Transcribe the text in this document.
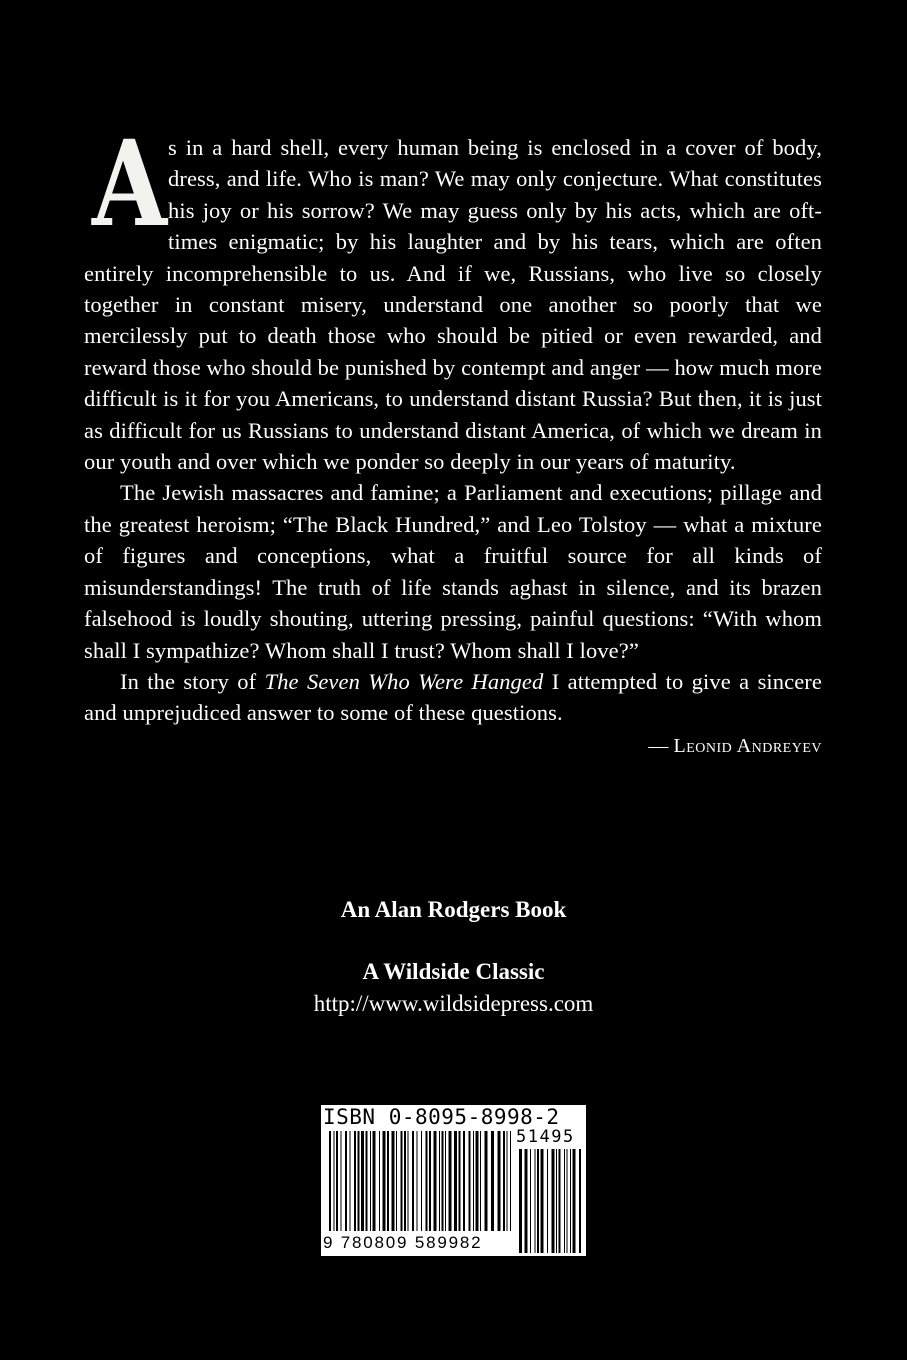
As in a hard shell, every human being is enclosed in a cover of body, dress, and life. Who is man? We may only conjecture. What constitutes his joy or his sorrow? We may guess only by his acts, which are oft-times enigmatic; by his laughter and by his tears, which are often entirely incomprehensible to us. And if we, Russians, who live so closely together in constant misery, understand one another so poorly that we mercilessly put to death those who should be pitied or even rewarded, and reward those who should be punished by contempt and anger — how much more difficult is it for you Americans, to understand distant Russia? But then, it is just as difficult for us Russians to understand distant America, of which we dream in our youth and over which we ponder so deeply in our years of maturity.

The Jewish massacres and famine; a Parliament and executions; pillage and the greatest heroism; “The Black Hundred,” and Leo Tolstoy — what a mixture of figures and conceptions, what a fruitful source for all kinds of misunderstandings! The truth of life stands aghast in silence, and its brazen falsehood is loudly shouting, uttering pressing, painful questions: “With whom shall I sympathize? Whom shall I trust? Whom shall I love?”

In the story of The Seven Who Were Hanged I attempted to give a sincere and unprejudiced answer to some of these questions.

— Leonid Andreyev
An Alan Rodgers Book
A Wildside Classic
http://www.wildsidepress.com
ISBN 0-8095-8998-2
51495
9 780809 589982
